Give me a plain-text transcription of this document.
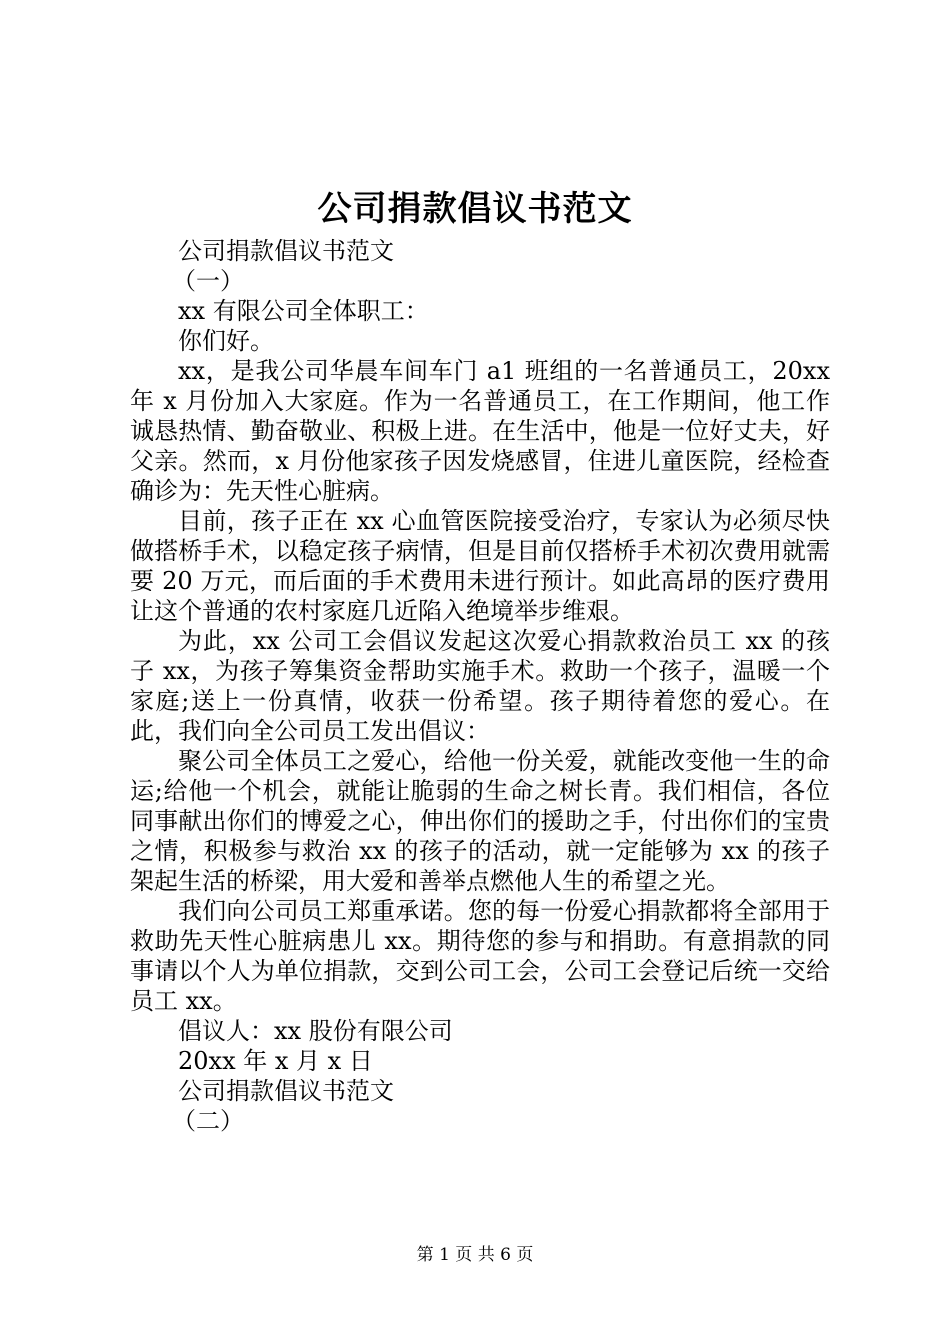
公司捐款倡议书范文
公司捐款倡议书范文
（一）
xx 有限公司全体职工：
你们好。

xx，是我公司华晨车间车门 a1 班组的一名普通员工，20xx 年 x 月份加入大家庭。作为一名普通员工，在工作期间，他工作诚恳热情、勤奋敬业、积极上进。在生活中，他是一位好丈夫，好父亲。然而，x 月份他家孩子因发烧感冒，住进儿童医院，经检查确诊为：先天性心脏病。

目前，孩子正在 xx 心血管医院接受治疗，专家认为必须尽快做搭桥手术，以稳定孩子病情，但是目前仅搭桥手术初次费用就需要 20 万元，而后面的手术费用未进行预计。如此高昂的医疗费用让这个普通的农村家庭几近陷入绝境举步维艰。

为此，xx 公司工会倡议发起这次爱心捐款救治员工 xx 的孩子 xx，为孩子筹集资金帮助实施手术。救助一个孩子，温暖一个家庭;送上一份真情，收获一份希望。孩子期待着您的爱心。在此，我们向全公司员工发出倡议：

聚公司全体员工之爱心，给他一份关爱，就能改变他一生的命运;给他一个机会，就能让脆弱的生命之树长青。我们相信，各位同事献出你们的博爱之心，伸出你们的援助之手，付出你们的宝贵之情，积极参与救治 xx 的孩子的活动，就一定能够为 xx 的孩子架起生活的桥梁，用大爱和善举点燃他人生的希望之光。

我们向公司员工郑重承诺。您的每一份爱心捐款都将全部用于救助先天性心脏病患儿 xx。期待您的参与和捐助。有意捐款的同事请以个人为单位捐款，交到公司工会，公司工会登记后统一交给员工 xx。

倡议人：xx 股份有限公司
20xx 年 x 月 x 日
公司捐款倡议书范文
（二）
第 1 页 共 6 页
